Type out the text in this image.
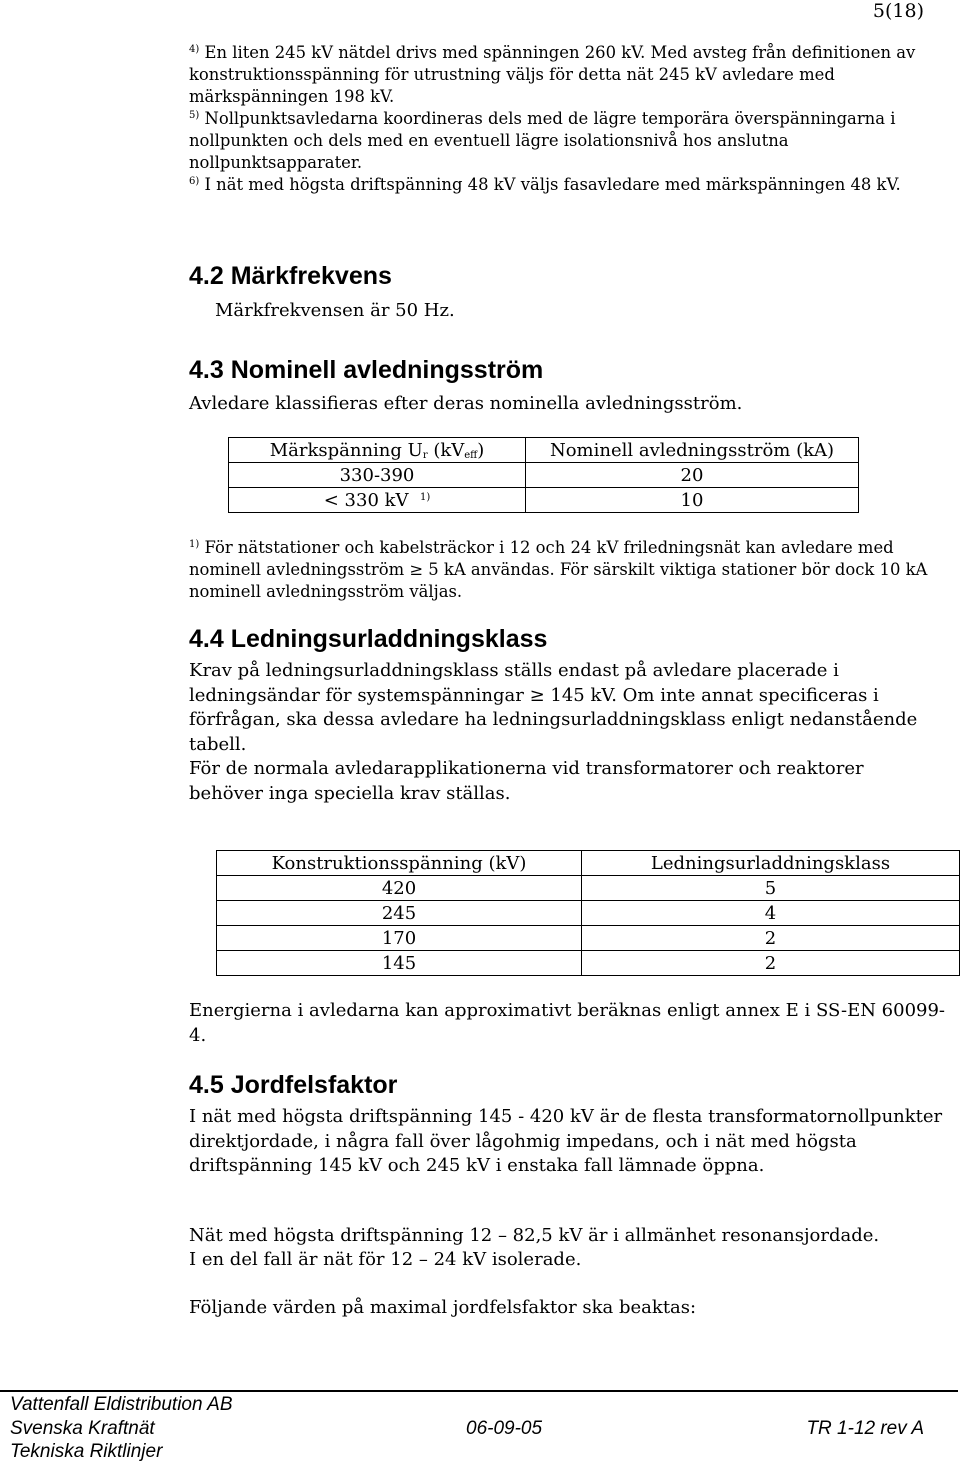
5(18)

$^{4)}$ En liten 245 kV nätdel drivs med spänningen 260 kV. Med avsteg från definitionen av konstruktionsspänning för utrustning väljs för detta nät 245 kV avledare med märkspänningen 198 kV.

$^{5)}$ Nollpunktsavledarna koordineras dels med de lägre temporära överspänningarna i nollpunkten och dels med en eventuell lägre isolationsnivå hos anslutna nollpunktsapparater.

$^{6)}$ I nät med högsta driftspänning 48 kV väljs fasavledare med märkspänningen 48 kV.

4.2 Märkfrekvens

Märkfrekvensen är 50 Hz.

4.3 Nominell avledningsström

Avledare klassifieras efter deras nominella avledningsström.

Märkspänning $U_r$ $(kV_{eff})$	Nominell avledningsström (kA)
330-390	20
< 330 kV $^{1)}$	10

$^{1)}$ För nätstationer och kabelsträckor i 12 och 24 kV friledningsnät kan avledare med nominell avledningsström ≥ 5 kA användas. För särskilt viktiga stationer bör dock 10 kA nominell avledningsström väljas.

4.4 Ledningsurladdningsklass

Krav på ledningsurladdningsklass ställs endast på avledare placerade i ledningsändar för systemspänningar ≥ 145 kV. Om inte annat specificeras i förfrågan, ska dessa avledare ha ledningsurladdningsklass enligt nedanstående tabell.

För de normala avledarapplikationerna vid transformatorer och reaktorer behöver inga speciella krav ställas.

Konstruktionsspänning (kV)	Ledningsurladdningsklass
420	5
245	4
170	2
145	2

Energierna i avledarna kan approximativt beräknas enligt annex E i SS-EN 60099-4.

4.5 Jordfelsfaktor

I nät med högsta driftspänning 145 - 420 kV är de flesta transformatornollpunkter direktjordade, i några fall över lågohmig impedans, och i nät med högsta driftspänning 145 kV och 245 kV i enstaka fall lämnade öppna.

Nät med högsta driftspänning 12 – 82,5 kV är i allmänhet resonansjordade.

I en del fall är nät för 12 – 24 kV isolerade.

Följande värden på maximal jordfelsfaktor ska beaktas:

Vattenfall Eldistribution AB
Svenska Kraftnät
Tekniska Riktlinjer
06-09-05	TR 1-12 rev A
